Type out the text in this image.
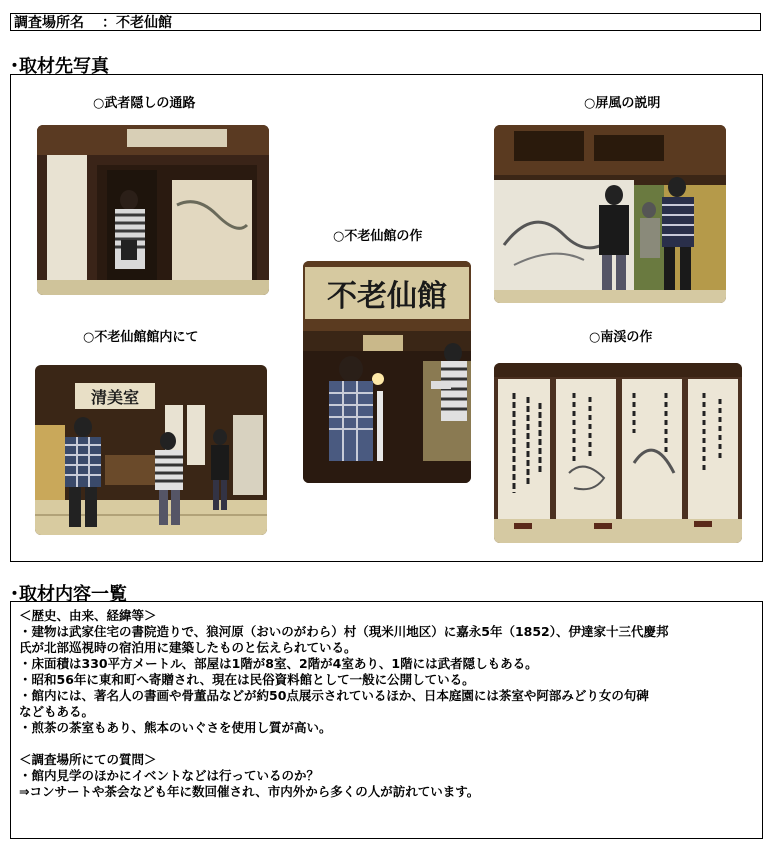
調査場所名 ：不老仙館
･取材先写真
○武者隠しの通路	○屏風の説明
○不老仙館の作
○不老仙館館内にて	○南渓の作
不老仙館
清美室
･取材内容一覧
＜歴史、由来、経緯等＞
・建物は武家住宅の書院造りで、狼河原（おいのがわら）村（現米川地区）に嘉永5年（1852）、伊達家十三代慶邦
氏が北部巡視時の宿泊用に建築したものと伝えられている。
・床面積は330平方メートル、部屋は1階が8室、2階が4室あり、1階には武者隠しもある。
・昭和56年に東和町へ寄贈され、現在は民俗資料館として一般に公開している。
・館内には、著名人の書画や骨董品などが約50点展示されているほか、日本庭園には茶室や阿部みどり女の句碑
などもある。
・煎茶の茶室もあり、熊本のいぐさを使用し質が高い。
＜調査場所にての質問＞
・館内見学のほかにイベントなどは行っているのか？
⇒コンサートや茶会なども年に数回催され、市内外から多くの人が訪れています。
